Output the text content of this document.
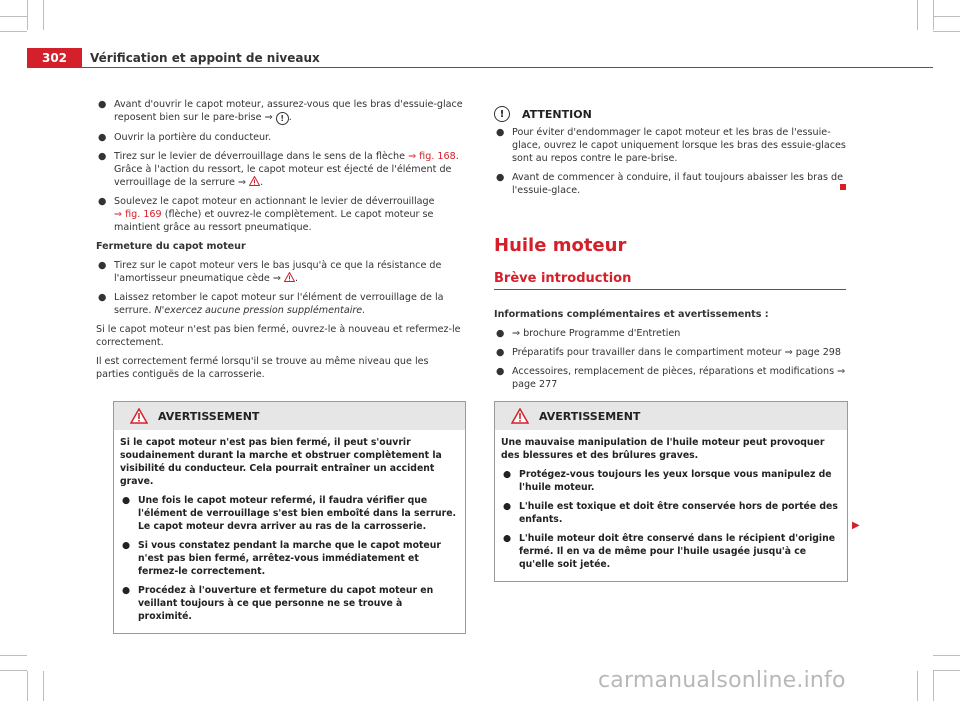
302	Vérification et appoint de niveaux
● Avant d'ouvrir le capot moteur, assurez-vous que les bras d'essuie-glace reposent bien sur le pare-brise ⇒ ! .
● Ouvrir la portière du conducteur.
● Tirez sur le levier de déverrouillage dans le sens de la flèche ⇒ fig. 168. Grâce à l'action du ressort, le capot moteur est éjecté de l'élément de verrouillage de la serrure ⇒ .
● Soulevez le capot moteur en actionnant le levier de déverrouillage
⇒ fig. 169 (flèche) et ouvrez-le complètement. Le capot moteur se maintient grâce au ressort pneumatique.
Fermeture du capot moteur
● Tirez sur le capot moteur vers le bas jusqu'à ce que la résistance de l'amortisseur pneumatique cède ⇒ .
● Laissez retomber le capot moteur sur l'élément de verrouillage de la serrure. N'exercez aucune pression supplémentaire.

Si le capot moteur n'est pas bien fermé, ouvrez-le à nouveau et refermez-le correctement.

Il est correctement fermé lorsqu'il se trouve au même niveau que les parties contiguës de la carrosserie.

AVERTISSEMENT

Si le capot moteur n'est pas bien fermé, il peut s'ouvrir soudainement durant la marche et obstruer complètement la visibilité du conducteur. Cela pourrait entraîner un accident grave.

● Une fois le capot moteur refermé, il faudra vérifier que l'élément de verrouillage s'est bien emboîté dans la serrure. Le capot moteur devra arriver au ras de la carrosserie.
● Si vous constatez pendant la marche que le capot moteur n'est pas bien fermé, arrêtez-vous immédiatement et fermez-le correctement.
● Procédez à l'ouverture et fermeture du capot moteur en veillant toujours à ce que personne ne se trouve à proximité.
!	ATTENTION
● Pour éviter d'endommager le capot moteur et les bras de l'essuie-glace, ouvrez le capot uniquement lorsque les bras des essuie-glaces sont au repos contre le pare-brise.
● Avant de commencer à conduire, il faut toujours abaisser les bras de l'essuie-glace.
Huile moteur
Brève introduction
Informations complémentaires et avertissements :
● ⇒ brochure Programme d'Entretien
● Préparatifs pour travailler dans le compartiment moteur ⇒ page 298
● Accessoires, remplacement de pièces, réparations et modifications ⇒ page 277
AVERTISSEMENT

Une mauvaise manipulation de l'huile moteur peut provoquer des blessures et des brûlures graves.

● Protégez-vous toujours les yeux lorsque vous manipulez de l'huile moteur.
● L'huile est toxique et doit être conservée hors de portée des enfants.
● L'huile moteur doit être conservé dans le récipient d'origine fermé. Il en va de même pour l'huile usagée jusqu'à ce qu'elle soit jetée.
▶
carmanualsonline.info
